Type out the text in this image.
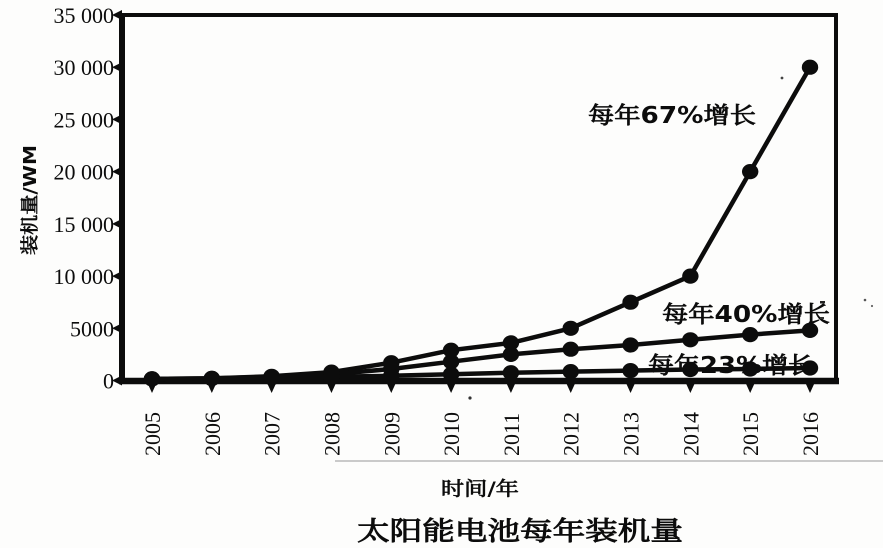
0
5000
10 000
15 000
20 000
25 000
30 000
35 000
2005 2006 2007 2008 2009 2010 2011 2012 2013 2014 2015 2016
装机量/WM
时间/年
太阳能电池每年装机量
每年67%增长
每年40%增长
每年23%增长
